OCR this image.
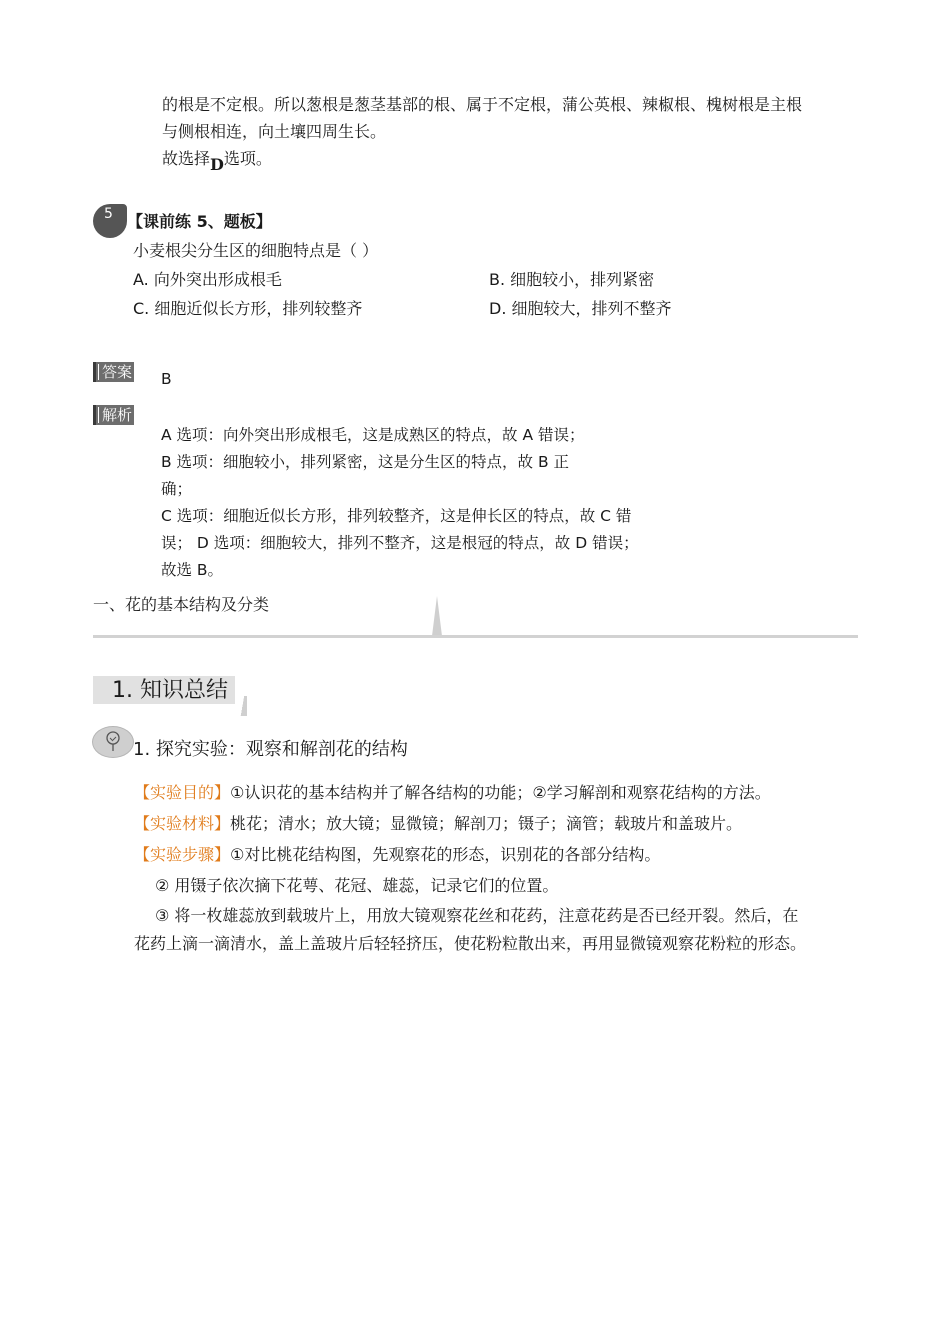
的根是不定根。所以葱根是葱茎基部的根、属于不定根，蒲公英根、辣椒根、槐树根是主根
与侧根相连，向土壤四周生长。
故选择D选项。
5 【课前练 5、题板】
小麦根尖分生区的细胞特点是（ ）
A. 向外突出形成根毛	B. 细胞较小，排列紧密
C. 细胞近似长方形，排列较整齐	D. 细胞较大，排列不整齐
答案 B
解析
A 选项：向外突出形成根毛，这是成熟区的特点，故 A 错误；
B 选项：细胞较小，排列紧密，这是分生区的特点，故 B 正
确；
C 选项：细胞近似长方形，排列较整齐，这是伸长区的特点，故 C 错
误； D 选项：细胞较大，排列不整齐，这是根冠的特点，故 D 错误；
故选 B。
一、花的基本结构及分类
1. 知识总结
1. 探究实验：观察和解剖花的结构
【实验目的】①认识花的基本结构并了解各结构的功能；②学习解剖和观察花结构的方法。
【实验材料】桃花；清水；放大镜；显微镜；解剖刀；镊子；滴管；载玻片和盖玻片。
【实验步骤】①对比桃花结构图，先观察花的形态，识别花的各部分结构。
② 用镊子依次摘下花萼、花冠、雄蕊，记录它们的位置。
③ 将一枚雄蕊放到载玻片上，用放大镜观察花丝和花药，注意花药是否已经开裂。然后，在
花药上滴一滴清水，盖上盖玻片后轻轻挤压，使花粉粒散出来，再用显微镜观察花粉粒的形态。
